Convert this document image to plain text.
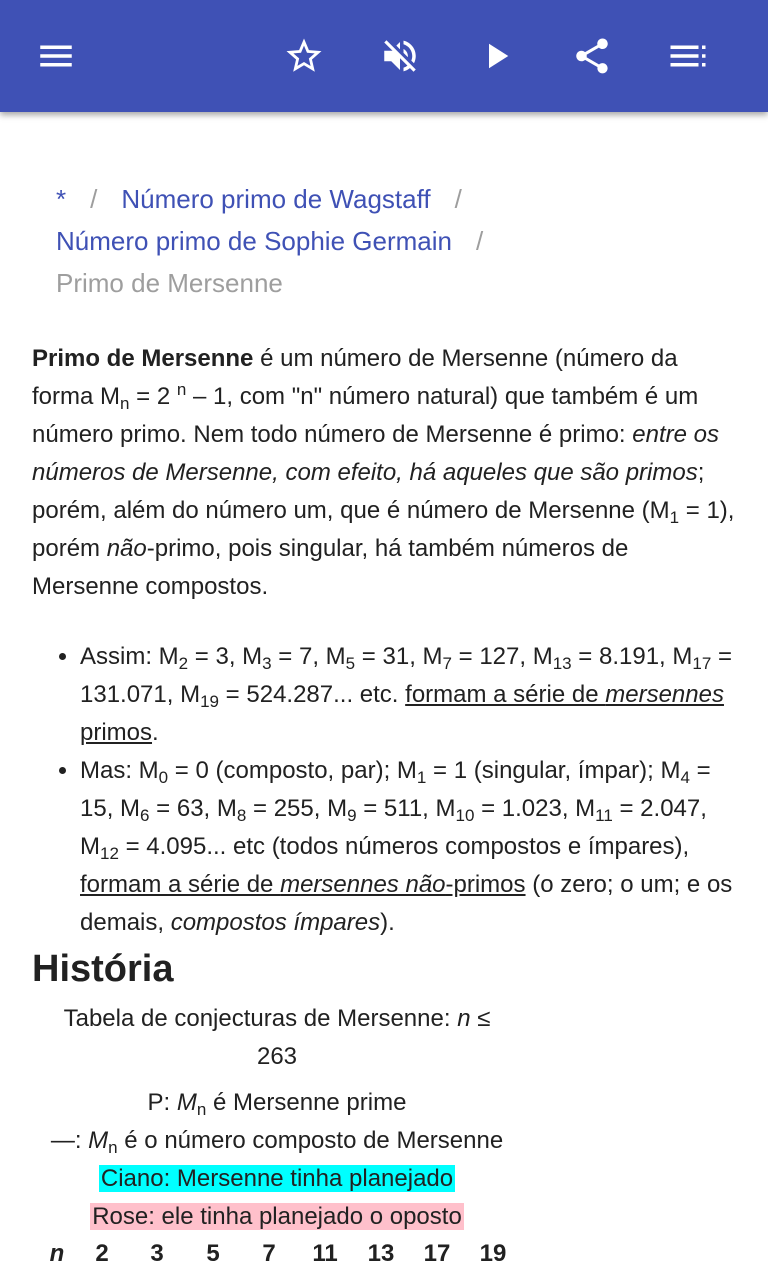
* / Número primo de Wagstaff /
Número primo de Sophie Germain /
Primo de Mersenne

Primo de Mersenne é um número de Mersenne (número da forma $M_n = 2$ $^n$ – 1, com "n" número natural) que também é um número primo. Nem todo número de Mersenne é primo: entre os números de Mersenne, com efeito, há aqueles que são primos; porém, além do número um, que é número de Mersenne $(M_1 = 1)$, porém não-primo, pois singular, há também números de Mersenne compostos.

• Assim: $M_2 = 3$, $M_3 = 7$, $M_5 = 31$, $M_7 = 127$, $M_{13} = 8.191$, $M_{17} = 131.071$, $M_{19} = 524.287$... etc. formam a série de mersennes primos.
• Mas: $M_0 = 0$ (composto, par); $M_1 = 1$ (singular, ímpar); $M_4 = 15$, $M_6 = 63$, $M_8 = 255$, $M_9 = 511$, $M_{10} = 1.023$, $M_{11} = 2.047$, $M_{12} = 4.095$... etc (todos números compostos e ímpares), formam a série de mersennes não-primos (o zero; o um; e os demais, compostos ímpares).
História
Tabela de conjecturas de Mersenne: n ≤
263
P: $M_n$ é Mersenne prime
—: $M_n$ é o número composto de Mersenne
Ciano: Mersenne tinha planejado
Rose: ele tinha planejado o oposto
n	2	3	5	7	11	13	17	19
